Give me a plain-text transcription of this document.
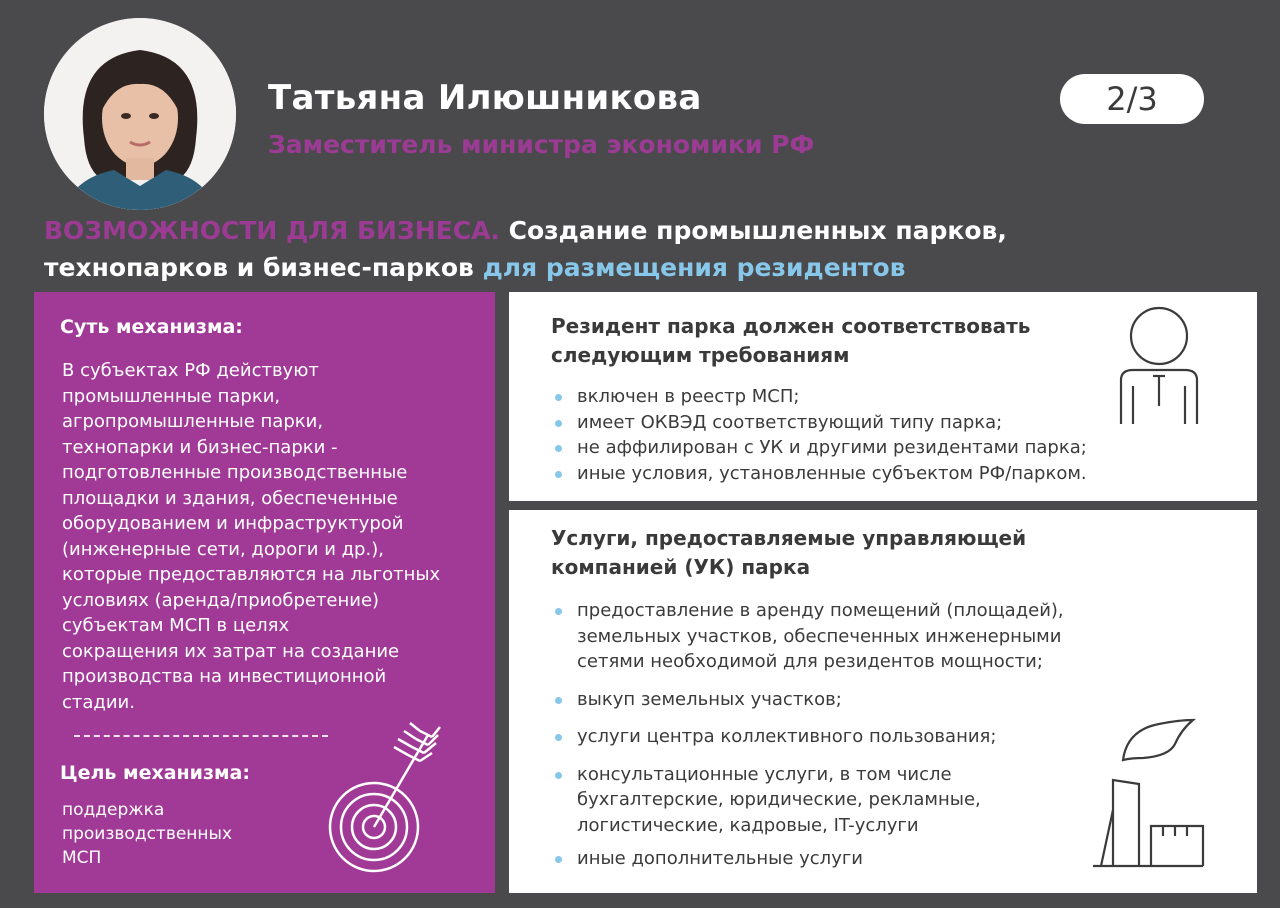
Татьяна Илюшникова
Заместитель министра экономики РФ
2/3
ВОЗМОЖНОСТИ ДЛЯ БИЗНЕСА. Создание промышленных парков,
технопарков и бизнес-парков для размещения резидентов
Суть механизма:
В субъектах РФ действуют
промышленные парки,
агропромышленные парки,
технопарки и бизнес-парки -
подготовленные производственные
площадки и здания, обеспеченные
оборудованием и инфраструктурой
(инженерные сети, дороги и др.),
которые предоставляются на льготных
условиях (аренда/приобретение)
субъектам МСП в целях
сокращения их затрат на создание
производства на инвестиционной
стадии.
Цель механизма:
поддержка
производственных
МСП
Резидент парка должен соответствовать
следующим требованиям
включен в реестр МСП;
имеет ОКВЭД соответствующий типу парка;
не аффилирован с УК и другими резидентами парка;
иные условия, установленные субъектом РФ/парком.
Услуги, предоставляемые управляющей
компанией (УК) парка
предоставление в аренду помещений (площадей),
земельных участков, обеспеченных инженерными
сетями необходимой для резидентов мощности;
выкуп земельных участков;
услуги центра коллективного пользования;
консультационные услуги, в том числе
бухгалтерские, юридические, рекламные,
логистические, кадровые, IT-услуги
иные дополнительные услуги
